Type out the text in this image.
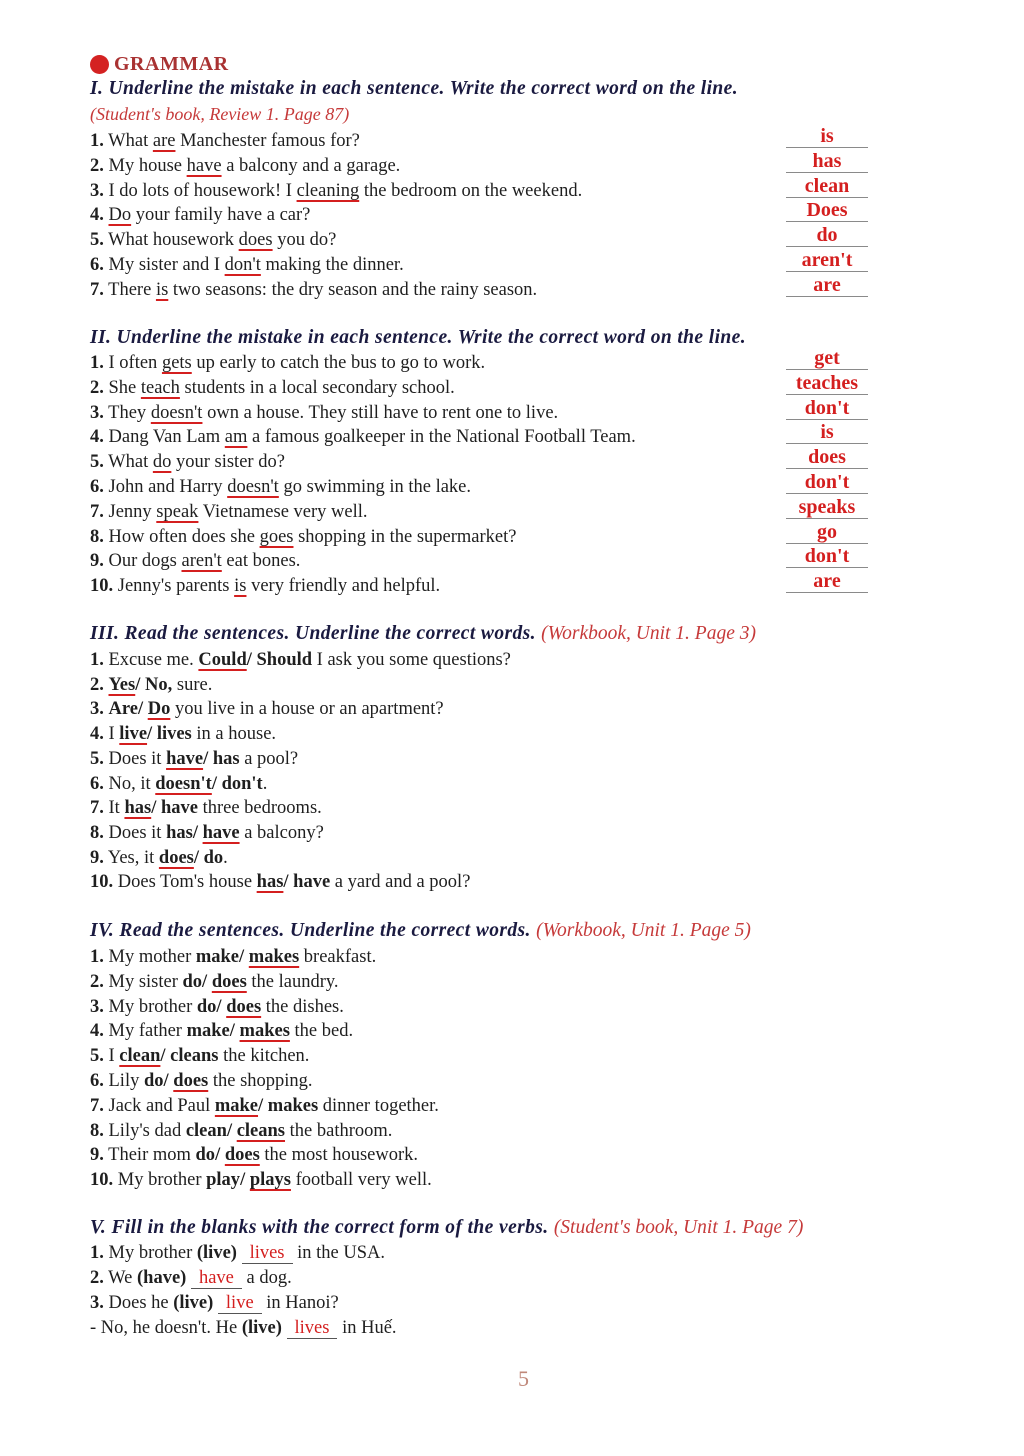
GRAMMAR
I. Underline the mistake in each sentence. Write the correct word on the line.
(Student's book, Review 1. Page 87)
1. What are Manchester famous for?	is
2. My house have a balcony and a garage.	has
3. I do lots of housework! I cleaning the bedroom on the weekend.	clean
4. Do your family have a car?	Does
5. What housework does you do?	do
6. My sister and I don't making the dinner.	aren't
7. There is two seasons: the dry season and the rainy season.	are
II. Underline the mistake in each sentence. Write the correct word on the line.
1. I often gets up early to catch the bus to go to work.	get
2. She teach students in a local secondary school.	teaches
3. They doesn't own a house. They still have to rent one to live.	don't
4. Dang Van Lam am a famous goalkeeper in the National Football Team.	is
5. What do your sister do?	does
6. John and Harry doesn't go swimming in the lake.	don't
7. Jenny speak Vietnamese very well.	speaks
8. How often does she goes shopping in the supermarket?	go
9. Our dogs aren't eat bones.	don't
10. Jenny's parents is very friendly and helpful.	are
III. Read the sentences. Underline the correct words. (Workbook, Unit 1. Page 3)
1. Excuse me. Could/ Should I ask you some questions?
2. Yes/ No, sure.
3. Are/ Do you live in a house or an apartment?
4. I live/ lives in a house.
5. Does it have/ has a pool?
6. No, it doesn't/ don't.
7. It has/ have three bedrooms.
8. Does it has/ have a balcony?
9. Yes, it does/ do.
10. Does Tom's house has/ have a yard and a pool?
IV. Read the sentences. Underline the correct words. (Workbook, Unit 1. Page 5)
1. My mother make/ makes breakfast.
2. My sister do/ does the laundry.
3. My brother do/ does the dishes.
4. My father make/ makes the bed.
5. I clean/ cleans the kitchen.
6. Lily do/ does the shopping.
7. Jack and Paul make/ makes dinner together.
8. Lily's dad clean/ cleans the bathroom.
9. Their mom do/ does the most housework.
10. My brother play/ plays football very well.
V. Fill in the blanks with the correct form of the verbs. (Student's book, Unit 1. Page 7)
1. My brother (live) lives in the USA.
2. We (have) have a dog.
3. Does he (live) live in Hanoi?
- No, he doesn't. He (live) lives in Huế.
5
